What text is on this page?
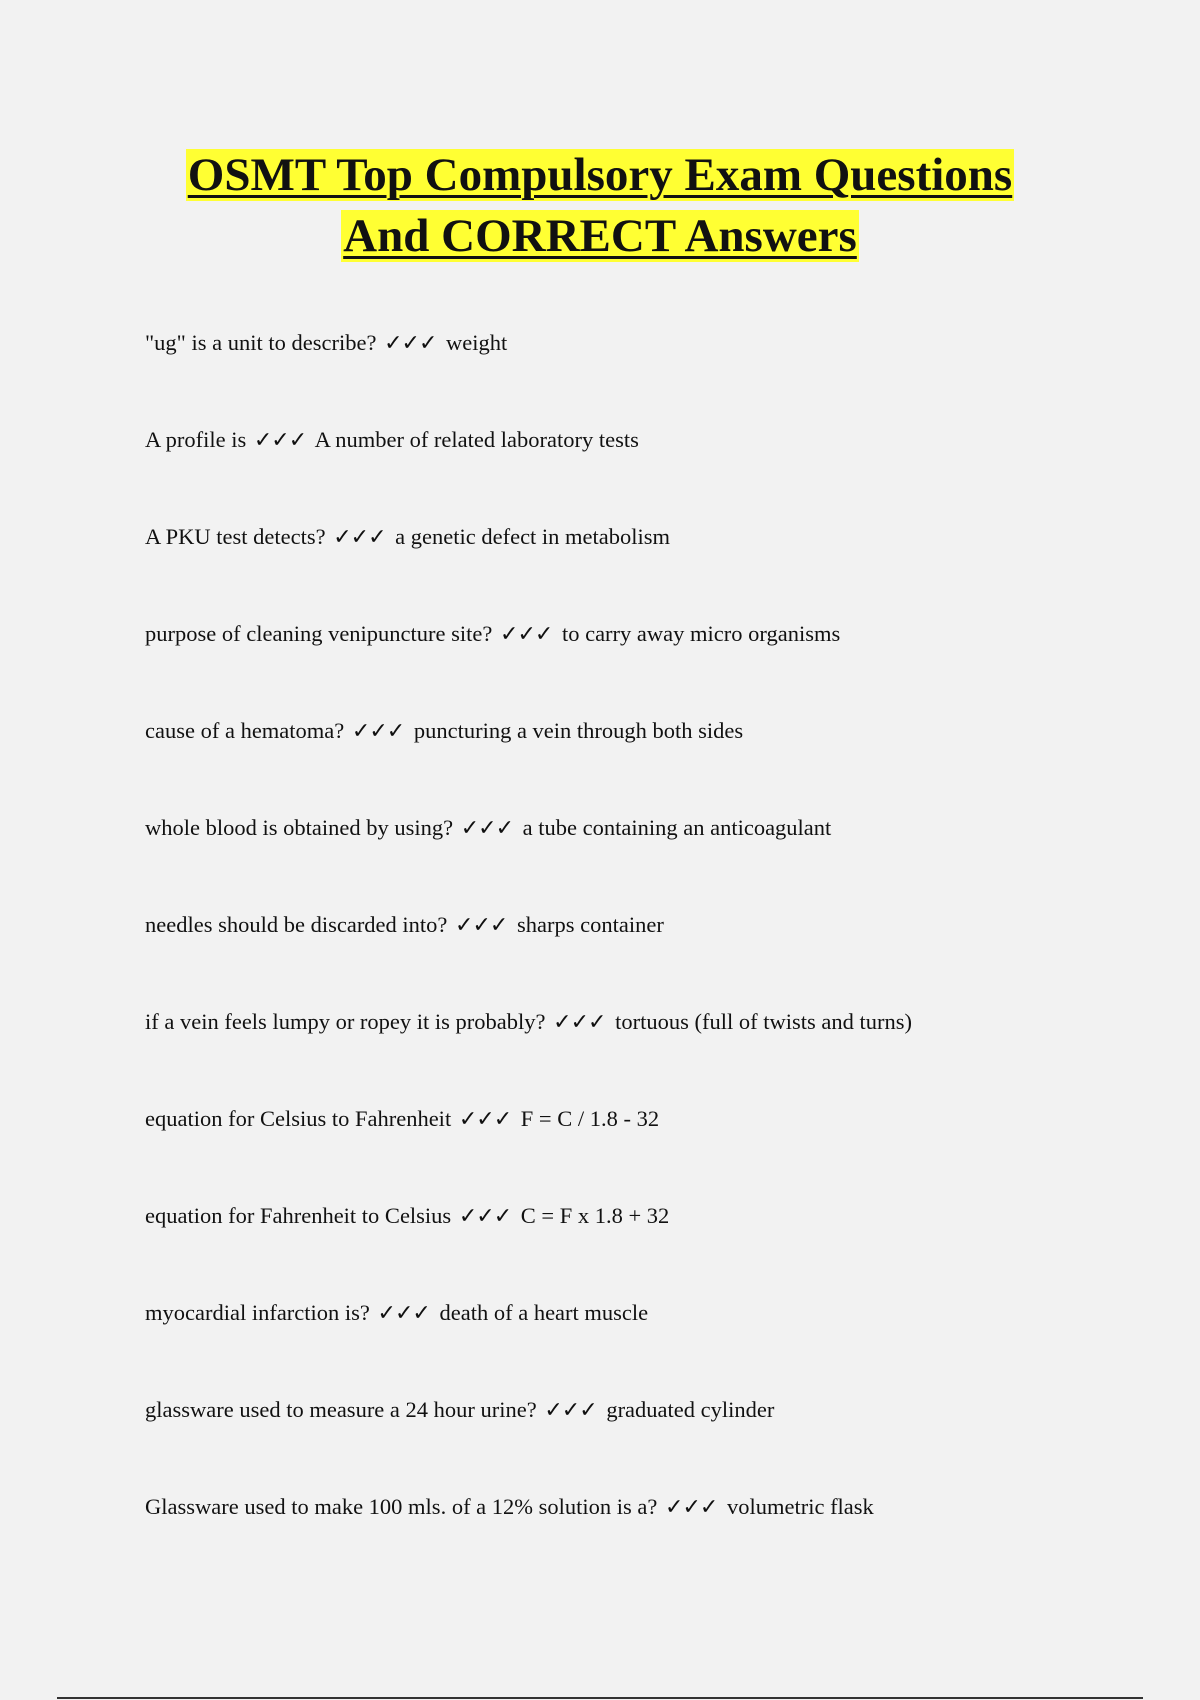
OSMT Top Compulsory Exam Questions
And CORRECT Answers
"ug" is a unit to describe? ✓✓✓ weight
A profile is ✓✓✓ A number of related laboratory tests
A PKU test detects? ✓✓✓ a genetic defect in metabolism
purpose of cleaning venipuncture site? ✓✓✓ to carry away micro organisms
cause of a hematoma? ✓✓✓ puncturing a vein through both sides
whole blood is obtained by using? ✓✓✓ a tube containing an anticoagulant
needles should be discarded into? ✓✓✓ sharps container
if a vein feels lumpy or ropey it is probably? ✓✓✓ tortuous (full of twists and turns)
equation for Celsius to Fahrenheit ✓✓✓ F = C / 1.8 - 32
equation for Fahrenheit to Celsius ✓✓✓ C = F x 1.8 + 32
myocardial infarction is? ✓✓✓ death of a heart muscle
glassware used to measure a 24 hour urine? ✓✓✓ graduated cylinder
Glassware used to make 100 mls. of a 12% solution is a? ✓✓✓ volumetric flask
